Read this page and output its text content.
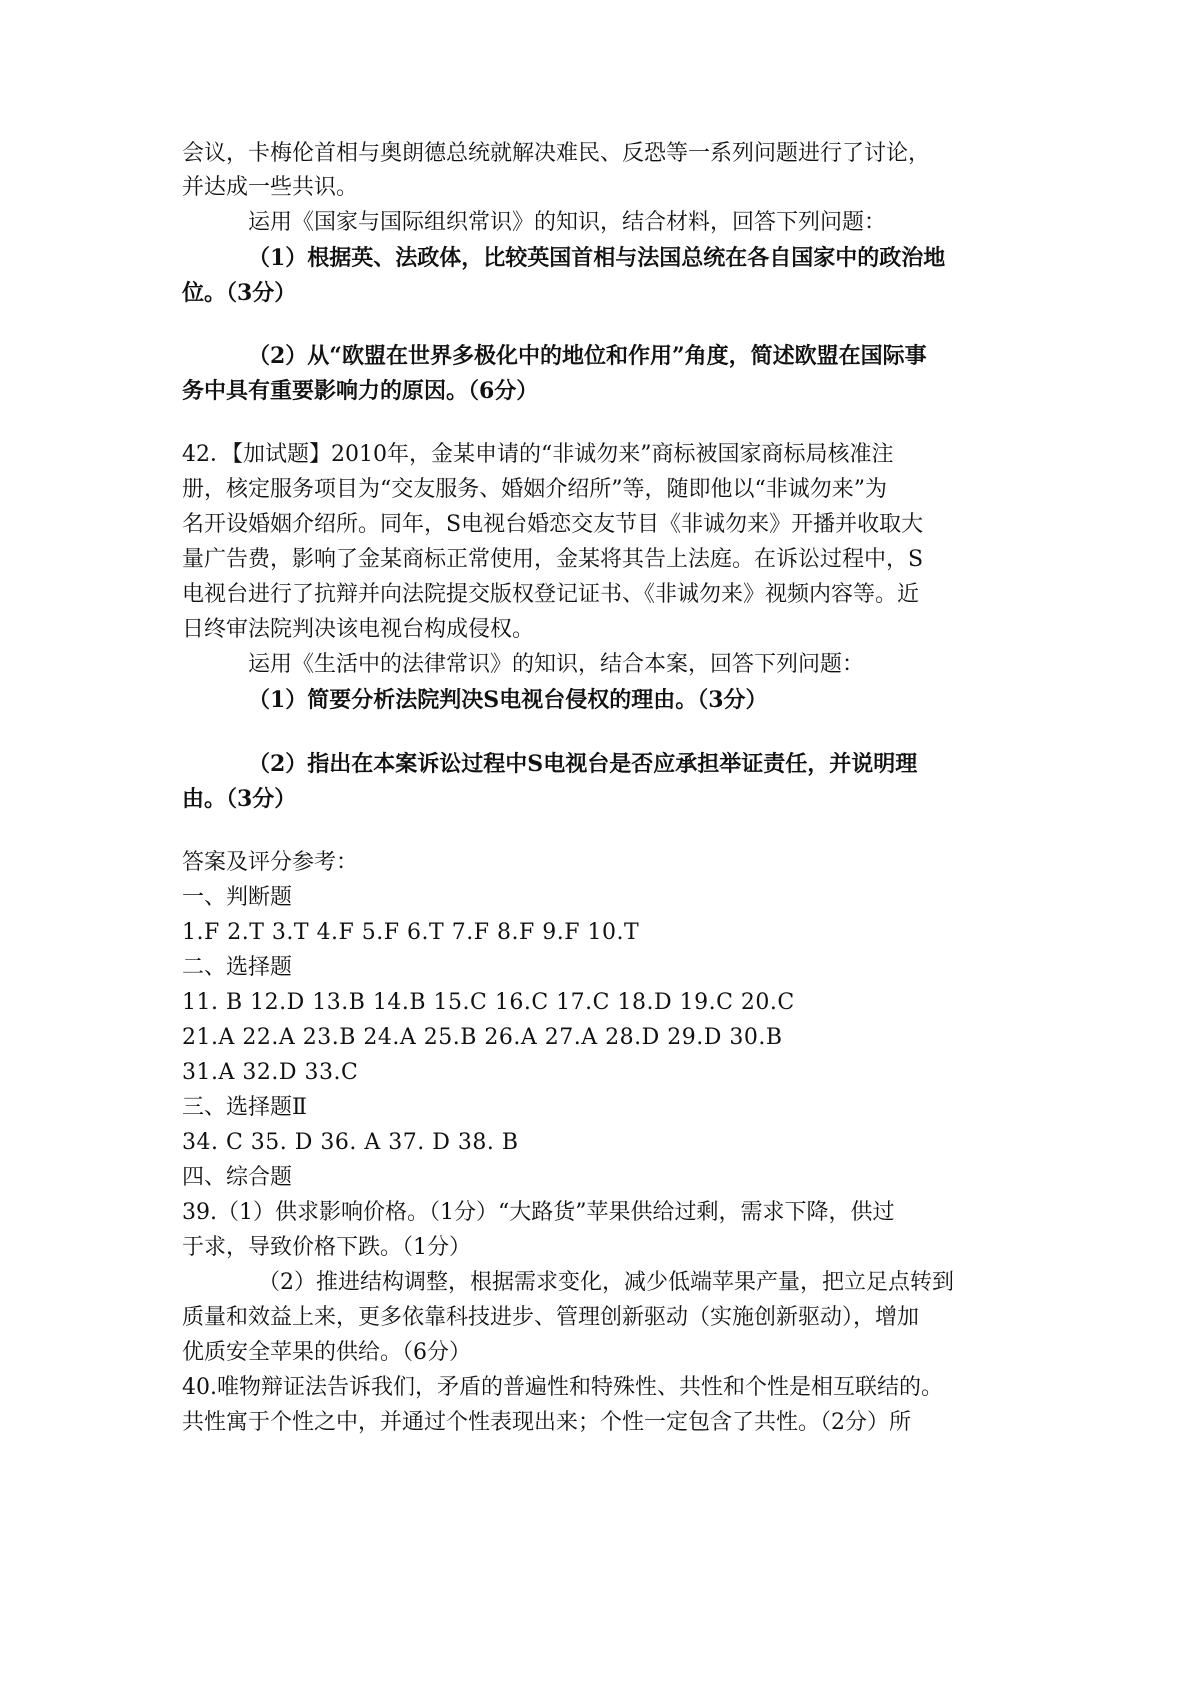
会议，卡梅伦首相与奥朗德总统就解决难民、反恐等一系列问题进行了讨论，
并达成一些共识。
运用《国家与国际组织常识》的知识，结合材料，回答下列问题：
（1）根据英、法政体，比较英国首相与法国总统在各自国家中的政治地
位。（3分）
（2）从“欧盟在世界多极化中的地位和作用”角度，简述欧盟在国际事
务中具有重要影响力的原因。（6分）
42．【加试题】2010年，金某申请的“非诚勿来”商标被国家商标局核准注
册，核定服务项目为“交友服务、婚姻介绍所”等，随即他以“非诚勿来”为
名开设婚姻介绍所。同年，S电视台婚恋交友节目《非诚勿来》开播并收取大
量广告费，影响了金某商标正常使用，金某将其告上法庭。在诉讼过程中，S
电视台进行了抗辩并向法院提交版权登记证书、《非诚勿来》视频内容等。近
日终审法院判决该电视台构成侵权。
运用《生活中的法律常识》的知识，结合本案，回答下列问题：
（1）简要分析法院判决S电视台侵权的理由。（3分）
（2）指出在本案诉讼过程中S电视台是否应承担举证责任，并说明理
由。（3分）
答案及评分参考：
一、判断题
1.F 2.T 3.T 4.F 5.F 6.T 7.F 8.F 9.F 10.T
二、选择题
11. B 12.D 13.B 14.B 15.C 16.C 17.C 18.D 19.C 20.C
21.A 22.A 23.B 24.A 25.B 26.A 27.A 28.D 29.D 30.B
31.A 32.D 33.C
三、选择题Ⅱ
34. C 35. D 36. A 37. D 38. B
四、综合题
39.（1）供求影响价格。（1分）“大路货”苹果供给过剩，需求下降，供过
于求，导致价格下跌。（1分）
（2）推进结构调整，根据需求变化，减少低端苹果产量，把立足点转到
质量和效益上来，更多依靠科技进步、管理创新驱动（实施创新驱动），增加
优质安全苹果的供给。（6分）
40.唯物辩证法告诉我们，矛盾的普遍性和特殊性、共性和个性是相互联结的。
共性寓于个性之中，并通过个性表现出来；个性一定包含了共性。（2分）所
